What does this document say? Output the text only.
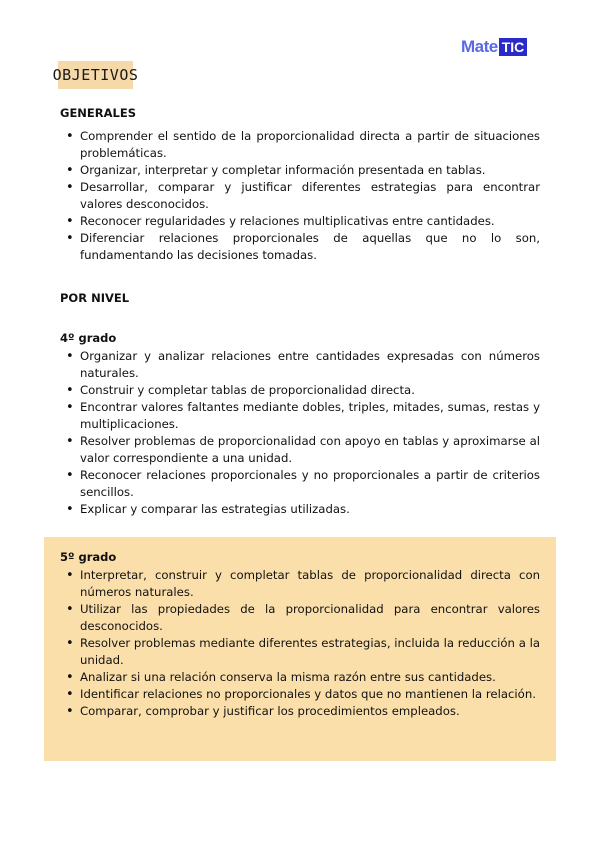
Mate TIC
OBJETIVOS
GENERALES
• Comprender el sentido de la proporcionalidad directa a partir de situaciones problemáticas.
• Organizar, interpretar y completar información presentada en tablas.
• Desarrollar, comparar y justificar diferentes estrategias para encontrar valores desconocidos.
• Reconocer regularidades y relaciones multiplicativas entre cantidades.
• Diferenciar relaciones proporcionales de aquellas que no lo son, fundamentando las decisiones tomadas.
POR NIVEL
4º grado
• Organizar y analizar relaciones entre cantidades expresadas con números naturales.
• Construir y completar tablas de proporcionalidad directa.
• Encontrar valores faltantes mediante dobles, triples, mitades, sumas, restas y multiplicaciones.
• Resolver problemas de proporcionalidad con apoyo en tablas y aproximarse al valor correspondiente a una unidad.
• Reconocer relaciones proporcionales y no proporcionales a partir de criterios sencillos.
• Explicar y comparar las estrategias utilizadas.
5º grado
• Interpretar, construir y completar tablas de proporcionalidad directa con números naturales.
• Utilizar las propiedades de la proporcionalidad para encontrar valores desconocidos.
• Resolver problemas mediante diferentes estrategias, incluida la reducción a la unidad.
• Analizar si una relación conserva la misma razón entre sus cantidades.
• Identificar relaciones no proporcionales y datos que no mantienen la relación.
• Comparar, comprobar y justificar los procedimientos empleados.
